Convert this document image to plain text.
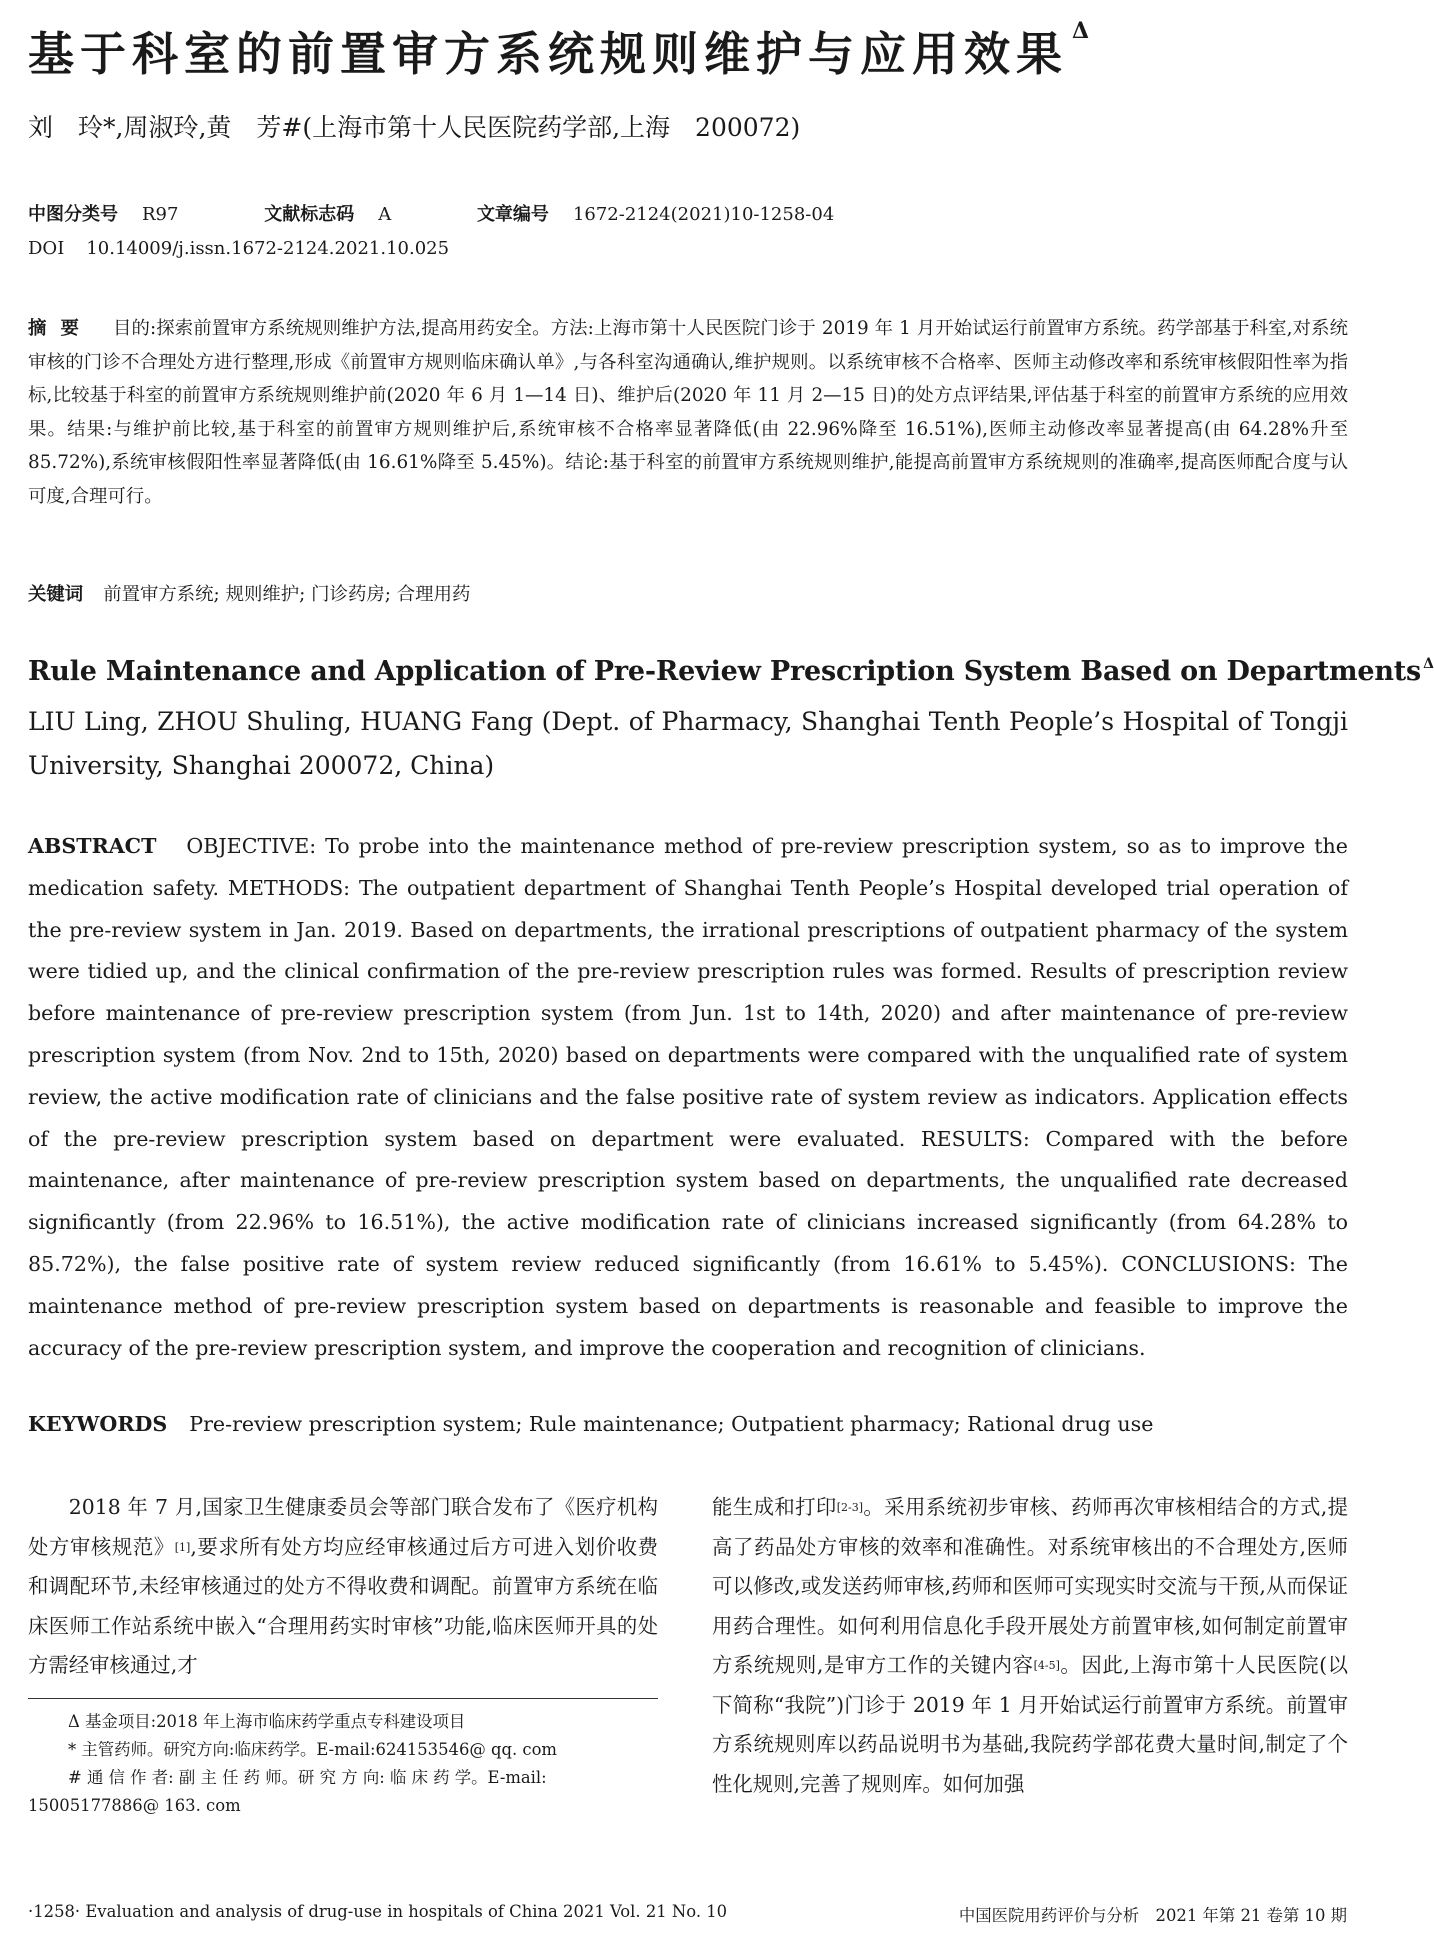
基于科室的前置审方系统规则维护与应用效果 $^\Delta$
刘　玲*,周淑玲,黄　芳#(上海市第十人民医院药学部,上海　200072)
中图分类号 R97	文献标志码 A	文章编号 1672-2124(2021)10-1258-04
DOI 10.14009/j.issn.1672-2124.2021.10.025
摘要 目的:探索前置审方系统规则维护方法,提高用药安全。方法:上海市第十人民医院门诊于 2019 年 1 月开始试运行前置审方系统。药学部基于科室,对系统审核的门诊不合理处方进行整理,形成《前置审方规则临床确认单》,与各科室沟通确认,维护规则。以系统审核不合格率、医师主动修改率和系统审核假阳性率为指标,比较基于科室的前置审方系统规则维护前(2020 年 6 月 1—14 日)、维护后(2020 年 11 月 2—15 日)的处方点评结果,评估基于科室的前置审方系统的应用效果。结果:与维护前比较,基于科室的前置审方规则维护后,系统审核不合格率显著降低(由 22.96%降至 16.51%),医师主动修改率显著提高(由 64.28%升至 85.72%),系统审核假阳性率显著降低(由 16.61%降至 5.45%)。结论:基于科室的前置审方系统规则维护,能提高前置审方系统规则的准确率,提高医师配合度与认可度,合理可行。
关键词 前置审方系统; 规则维护; 门诊药房; 合理用药
Rule Maintenance and Application of Pre-Review Prescription System Based on Departments $^\Delta$
LIU Ling, ZHOU Shuling, HUANG Fang (Dept. of Pharmacy, Shanghai Tenth People’s Hospital of Tongji University, Shanghai 200072, China)
ABSTRACT OBJECTIVE: To probe into the maintenance method of pre-review prescription system, so as to improve the medication safety. METHODS: The outpatient department of Shanghai Tenth People’s Hospital developed trial operation of the pre-review system in Jan. 2019. Based on departments, the irrational prescriptions of outpatient pharmacy of the system were tidied up, and the clinical confirmation of the pre-review prescription rules was formed. Results of prescription review before maintenance of pre-review prescription system (from Jun. 1st to 14th, 2020) and after maintenance of pre-review prescription system (from Nov. 2nd to 15th, 2020) based on departments were compared with the unqualified rate of system review, the active modification rate of clinicians and the false positive rate of system review as indicators. Application effects of the pre-review prescription system based on department were evaluated. RESULTS: Compared with the before maintenance, after maintenance of pre-review prescription system based on departments, the unqualified rate decreased significantly (from 22.96% to 16.51%), the active modification rate of clinicians increased significantly (from 64.28% to 85.72%), the false positive rate of system review reduced significantly (from 16.61% to 5.45%). CONCLUSIONS: The maintenance method of pre-review prescription system based on departments is reasonable and feasible to improve the accuracy of the pre-review prescription system, and improve the cooperation and recognition of clinicians.
KEYWORDS Pre-review prescription system; Rule maintenance; Outpatient pharmacy; Rational drug use
2018 年 7 月,国家卫生健康委员会等部门联合发布了《医疗机构处方审核规范》[1],要求所有处方均应经审核通过后方可进入划价收费和调配环节,未经审核通过的处方不得收费和调配。前置审方系统在临床医师工作站系统中嵌入“合理用药实时审核”功能,临床医师开具的处方需经审核通过,才
能生成和打印[2-3]。采用系统初步审核、药师再次审核相结合的方式,提高了药品处方审核的效率和准确性。对系统审核出的不合理处方,医师可以修改,或发送药师审核,药师和医师可实现实时交流与干预,从而保证用药合理性。如何利用信息化手段开展处方前置审核,如何制定前置审方系统规则,是审方工作的关键内容[4-5]。因此,上海市第十人民医院(以下简称“我院”)门诊于 2019 年 1 月开始试运行前置审方系统。前置审方系统规则库以药品说明书为基础,我院药学部花费大量时间,制定了个性化规则,完善了规则库。如何加强
Δ 基金项目:2018 年上海市临床药学重点专科建设项目
* 主管药师。研究方向:临床药学。E-mail:624153546@ qq. com
# 通 信 作 者: 副 主 任 药 师。研 究 方 向: 临 床 药 学。E-mail:
15005177886@ 163. com
·1258· Evaluation and analysis of drug-use in hospitals of China 2021 Vol. 21 No. 10	中国医院用药评价与分析　2021 年第 21 卷第 10 期
